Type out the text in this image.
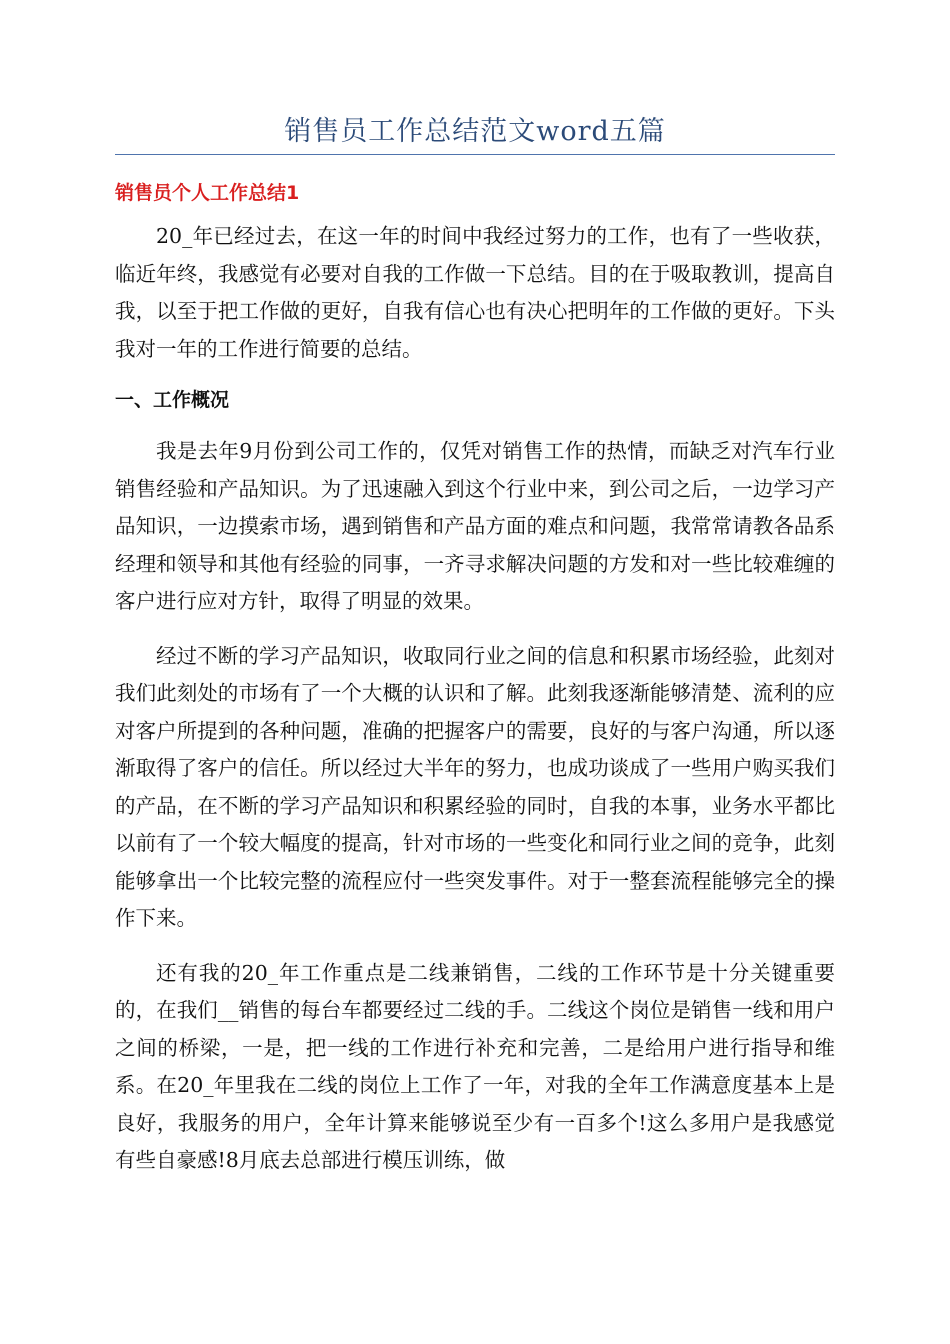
销售员工作总结范文word五篇
销售员个人工作总结1

20_年已经过去，在这一年的时间中我经过努力的工作，也有了一些收获，临近年终，我感觉有必要对自我的工作做一下总结。目的在于吸取教训，提高自我，以至于把工作做的更好，自我有信心也有决心把明年的工作做的更好。下头我对一年的工作进行简要的总结。

一、工作概况

我是去年9月份到公司工作的，仅凭对销售工作的热情，而缺乏对汽车行业销售经验和产品知识。为了迅速融入到这个行业中来，到公司之后，一边学习产品知识，一边摸索市场，遇到销售和产品方面的难点和问题，我常常请教各品系经理和领导和其他有经验的同事，一齐寻求解决问题的方发和对一些比较难缠的客户进行应对方针，取得了明显的效果。

经过不断的学习产品知识，收取同行业之间的信息和积累市场经验，此刻对我们此刻处的市场有了一个大概的认识和了解。此刻我逐渐能够清楚、流利的应对客户所提到的各种问题，准确的把握客户的需要，良好的与客户沟通，所以逐渐取得了客户的信任。所以经过大半年的努力，也成功谈成了一些用户购买我们的产品，在不断的学习产品知识和积累经验的同时，自我的本事，业务水平都比以前有了一个较大幅度的提高，针对市场的一些变化和同行业之间的竞争，此刻能够拿出一个比较完整的流程应付一些突发事件。对于一整套流程能够完全的操作下来。

还有我的20_年工作重点是二线兼销售，二线的工作环节是十分关键重要的，在我们__销售的每台车都要经过二线的手。二线这个岗位是销售一线和用户之间的桥梁，一是，把一线的工作进行补充和完善，二是给用户进行指导和维系。在20_年里我在二线的岗位上工作了一年，对我的全年工作满意度基本上是良好，我服务的用户，全年计算来能够说至少有一百多个!这么多用户是我感觉有些自豪感!8月底去总部进行模压训练，做
